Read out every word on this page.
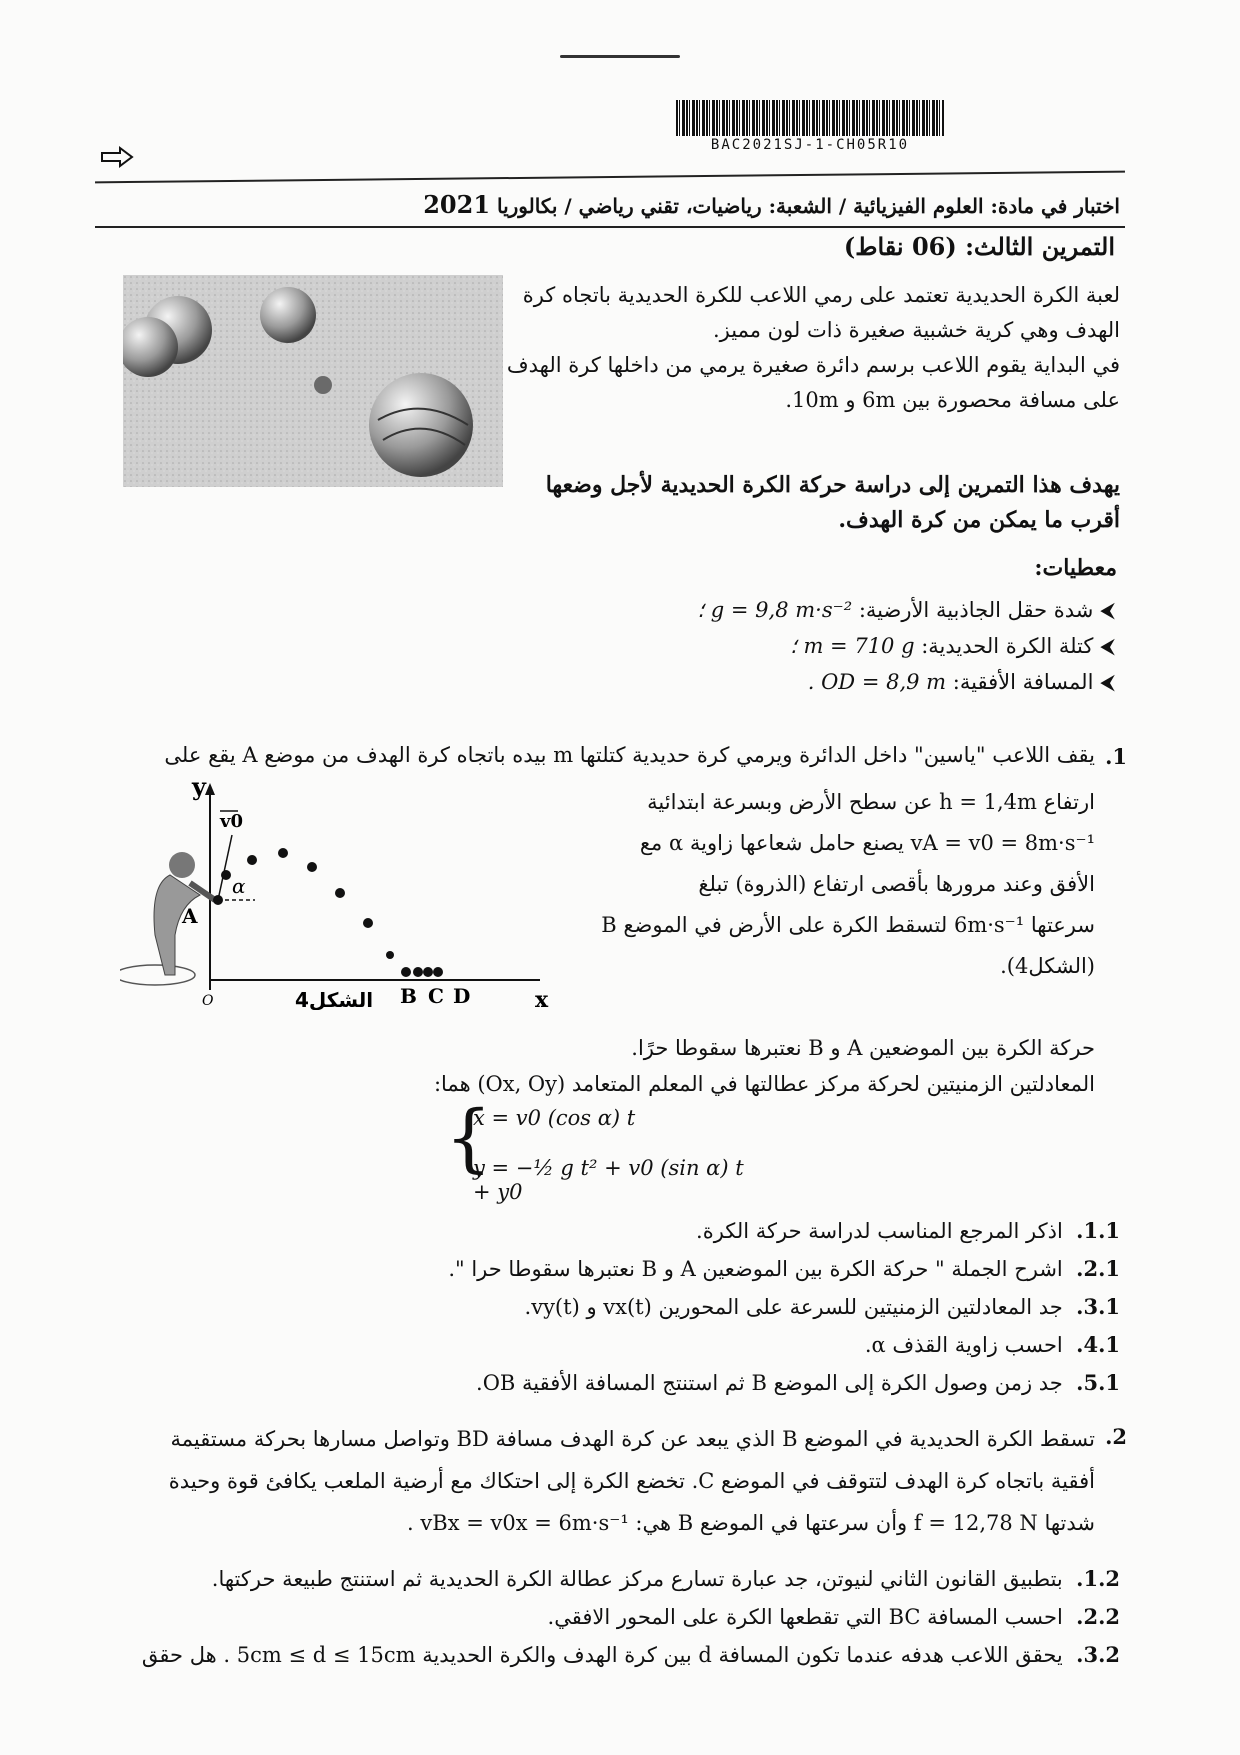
BAC2021SJ-1-CH05R10
اختبار في مادة: العلوم الفيزيائية / الشعبة: رياضيات، تقني رياضي / بكالوريا 2021
التمرين الثالث: (06 نقاط)
لعبة الكرة الحديدية تعتمد على رمي اللاعب للكرة الحديدية باتجاه كرة
الهدف وهي كرية خشبية صغيرة ذات لون مميز.
في البداية يقوم اللاعب برسم دائرة صغيرة يرمي من داخلها كرة الهدف
على مسافة محصورة بين 6m و 10m.
يهدف هذا التمرين إلى دراسة حركة الكرة الحديدية لأجل وضعها
أقرب ما يمكن من كرة الهدف.
معطيات:
⮜ شدة حقل الجاذبية الأرضية: g = 9,8 m·s⁻² ؛
⮜ كتلة الكرة الحديدية: m = 710 g ؛
⮜ المسافة الأفقية: OD = 8,9 m .
1.
يقف اللاعب "ياسين" داخل الدائرة ويرمي كرة حديدية كتلتها m بيده باتجاه كرة الهدف من موضع A يقع على
ارتفاع h = 1,4m عن سطح الأرض وبسرعة ابتدائية
vA = v0 = 8m·s⁻¹ يصنع حامل شعاعها زاوية α مع
الأفق وعند مرورها بأقصى ارتفاع (الذروة) تبلغ
سرعتها 6m·s⁻¹ لتسقط الكرة على الأرض في الموضع B
(الشكل4).
y
x
O
A
v0
α
B C D
الشكل4
حركة الكرة بين الموضعين A و B نعتبرها سقوطا حرًا.
المعادلتين الزمنيتين لحركة مركز عطالتها في المعلم المتعامد (Ox, Oy) هما:
{
x = v0 (cos α) t
y = −½ g t² + v0 (sin α) t + y0
1.1.  اذكر المرجع المناسب لدراسة حركة الكرة.
2.1.  اشرح الجملة " حركة الكرة بين الموضعين A و B نعتبرها سقوطا حرا ".
3.1.  جد المعادلتين الزمنيتين للسرعة على المحورين vx(t) و vy(t).
4.1.  احسب زاوية القذف α.
5.1.  جد زمن وصول الكرة إلى الموضع B ثم استنتج المسافة الأفقية OB.
2.
تسقط الكرة الحديدية في الموضع B الذي يبعد عن كرة الهدف مسافة BD وتواصل مسارها بحركة مستقيمة
أفقية باتجاه كرة الهدف لتتوقف في الموضع C. تخضع الكرة إلى احتكاك مع أرضية الملعب يكافئ قوة وحيدة
شدتها f = 12,78 N وأن سرعتها في الموضع B هي: vBx = v0x = 6m·s⁻¹ .
1.2.  بتطبيق القانون الثاني لنيوتن، جد عبارة تسارع مركز عطالة الكرة الحديدية ثم استنتج طبيعة حركتها.
2.2.  احسب المسافة BC التي تقطعها الكرة على المحور الافقي.
3.2.  يحقق اللاعب هدفه عندما تكون المسافة d بين كرة الهدف والكرة الحديدية 5cm ≤ d ≤ 15cm . هل حقق
